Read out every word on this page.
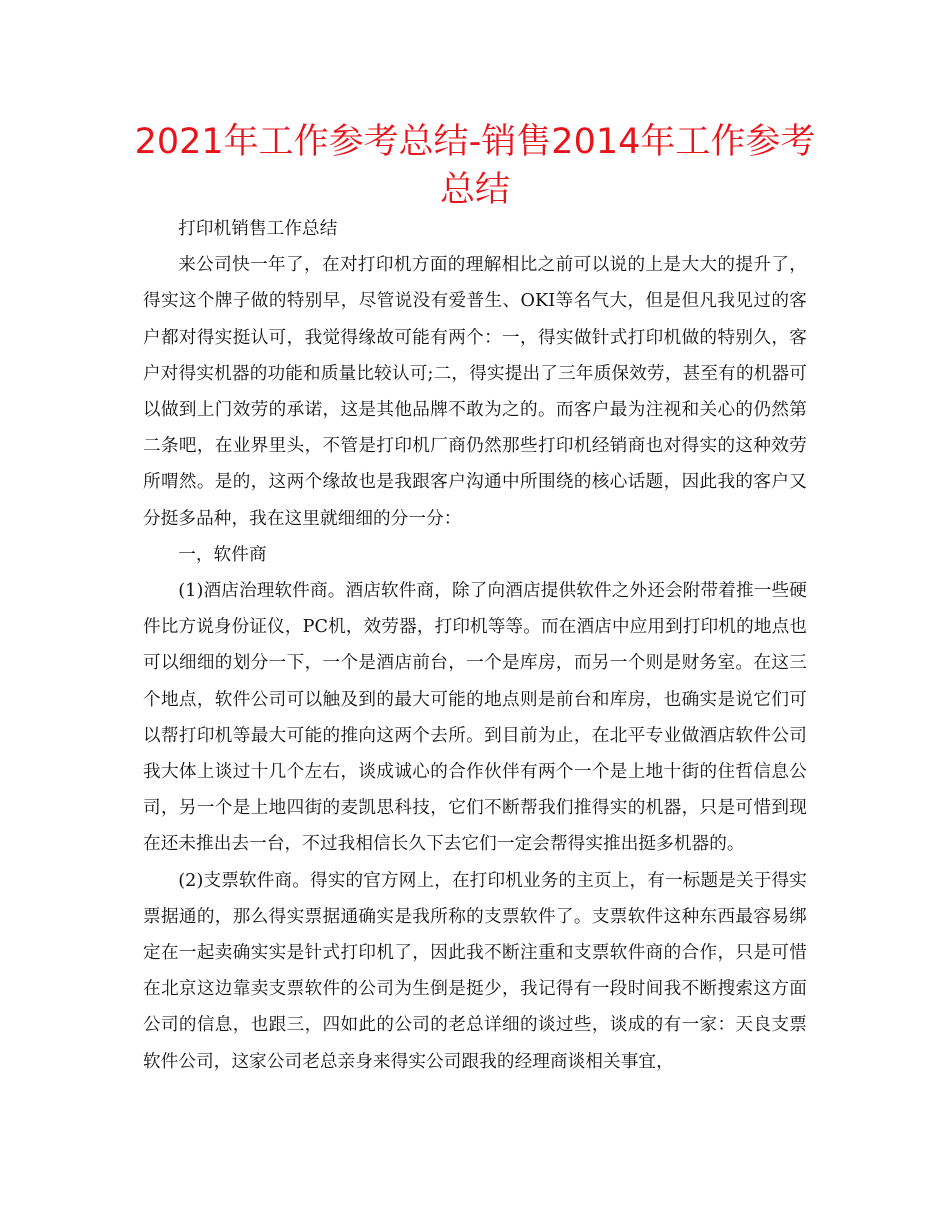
2021年工作参考总结-销售2014年工作参考总结

打印机销售工作总结

来公司快一年了，在对打印机方面的理解相比之前可以说的上是大大的提升了，得实这个牌子做的特别早，尽管说没有爱普生、OKI等名气大，但是但凡我见过的客户都对得实挺认可，我觉得缘故可能有两个：一，得实做针式打印机做的特别久，客户对得实机器的功能和质量比较认可;二，得实提出了三年质保效劳，甚至有的机器可以做到上门效劳的承诺，这是其他品牌不敢为之的。而客户最为注视和关心的仍然第二条吧，在业界里头，不管是打印机厂商仍然那些打印机经销商也对得实的这种效劳所喟然。是的，这两个缘故也是我跟客户沟通中所围绕的核心话题，因此我的客户又分挺多品种，我在这里就细细的分一分：

一，软件商

(1)酒店治理软件商。酒店软件商，除了向酒店提供软件之外还会附带着推一些硬件比方说身份证仪，PC机，效劳器，打印机等等。而在酒店中应用到打印机的地点也可以细细的划分一下，一个是酒店前台，一个是库房，而另一个则是财务室。在这三个地点，软件公司可以触及到的最大可能的地点则是前台和库房，也确实是说它们可以帮打印机等最大可能的推向这两个去所。到目前为止，在北平专业做酒店软件公司我大体上谈过十几个左右，谈成诚心的合作伙伴有两个一个是上地十街的住哲信息公司，另一个是上地四街的麦凯思科技，它们不断帮我们推得实的机器，只是可惜到现在还未推出去一台，不过我相信长久下去它们一定会帮得实推出挺多机器的。

(2)支票软件商。得实的官方网上，在打印机业务的主页上，有一标题是关于得实票据通的，那么得实票据通确实是我所称的支票软件了。支票软件这种东西最容易绑定在一起卖确实实是针式打印机了，因此我不断注重和支票软件商的合作，只是可惜在北京这边靠卖支票软件的公司为生倒是挺少，我记得有一段时间我不断搜索这方面公司的信息，也跟三，四如此的公司的老总详细的谈过些，谈成的有一家：天良支票软件公司，这家公司老总亲身来得实公司跟我的经理商谈相关事宜，
